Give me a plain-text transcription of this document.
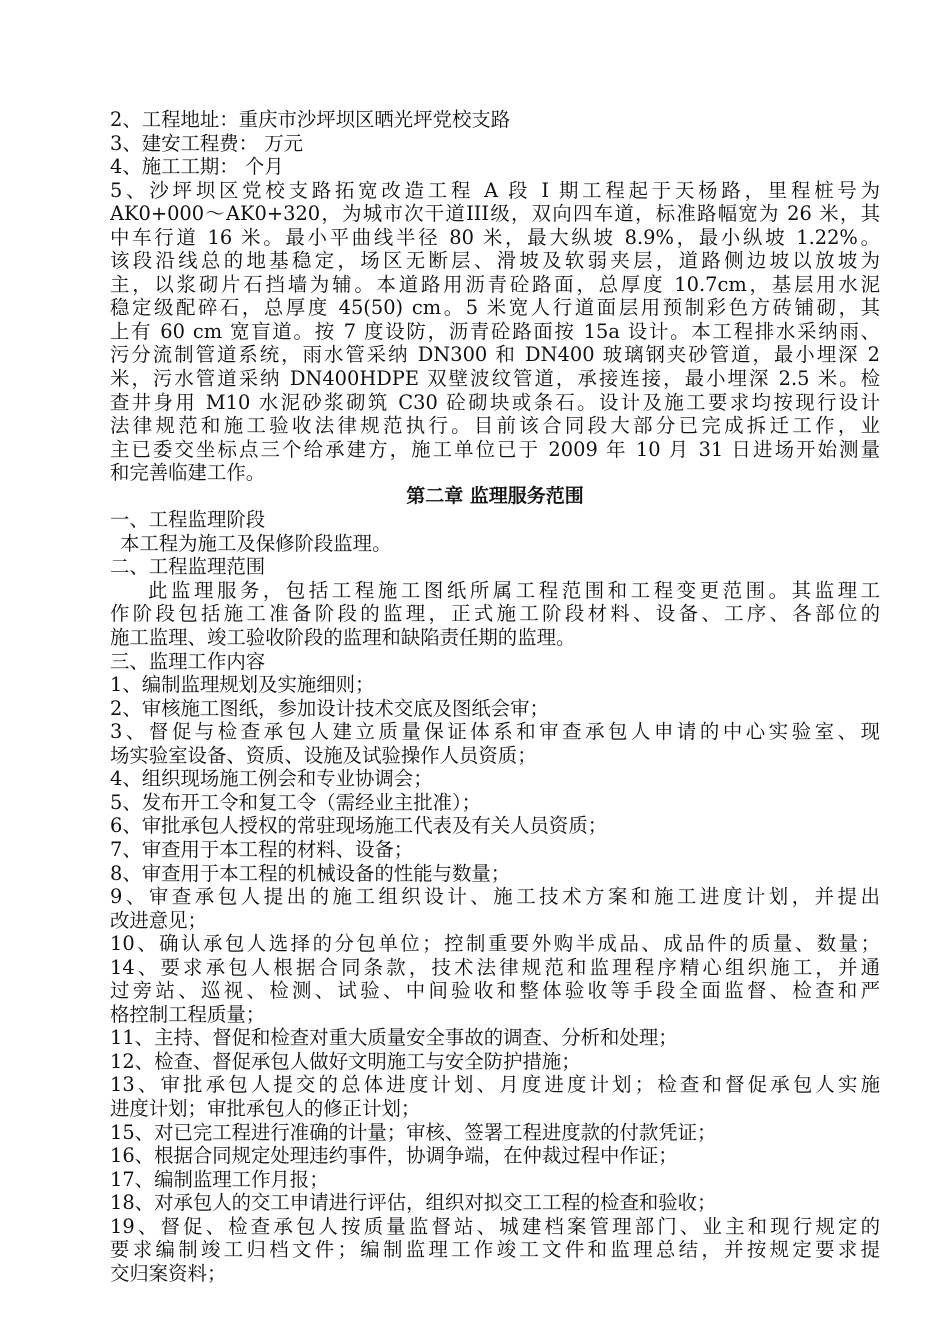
2、工程地址：重庆市沙坪坝区晒光坪党校支路
3、建安工程费： 万元
4、施工工期： 个月
5、沙坪坝区党校支路拓宽改造工程 A 段 I 期工程起于天杨路，里程桩号为
AK0+000～AK0+320，为城市次干道III级，双向四车道，标准路幅宽为 26 米，其
中车行道 16 米。最小平曲线半径 80 米，最大纵坡 8.9%，最小纵坡 1.22%。
该段沿线总的地基稳定，场区无断层、滑坡及软弱夹层，道路侧边坡以放坡为
主，以浆砌片石挡墙为辅。本道路用沥青砼路面，总厚度 10.7cm，基层用水泥
稳定级配碎石，总厚度 45(50) cm。5 米宽人行道面层用预制彩色方砖铺砌，其
上有 60 cm 宽盲道。按 7 度设防，沥青砼路面按 15a 设计。本工程排水采纳雨、
污分流制管道系统，雨水管采纳 DN300 和 DN400 玻璃钢夹砂管道，最小埋深 2
米，污水管道采纳 DN400HDPE 双壁波纹管道，承接连接，最小埋深 2.5 米。检
查井身用 M10 水泥砂浆砌筑 C30 砼砌块或条石。设计及施工要求均按现行设计
法律规范和施工验收法律规范执行。目前该合同段大部分已完成拆迁工作，业
主已委交坐标点三个给承建方，施工单位已于 2009 年 10 月 31 日进场开始测量
和完善临建工作。
第二章 监理服务范围
一、工程监理阶段
本工程为施工及保修阶段监理。
二、工程监理范围
此监理服务，包括工程施工图纸所属工程范围和工程变更范围。其监理工
作阶段包括施工准备阶段的监理，正式施工阶段材料、设备、工序、各部位的
施工监理、竣工验收阶段的监理和缺陷责任期的监理。
三、监理工作内容
1、编制监理规划及实施细则；
2、审核施工图纸，参加设计技术交底及图纸会审；
3、督促与检查承包人建立质量保证体系和审查承包人申请的中心实验室、现
场实验室设备、资质、设施及试验操作人员资质；
4、组织现场施工例会和专业协调会；
5、发布开工令和复工令（需经业主批准）；
6、审批承包人授权的常驻现场施工代表及有关人员资质；
7、审查用于本工程的材料、设备；
8、审查用于本工程的机械设备的性能与数量；
9、审查承包人提出的施工组织设计、施工技术方案和施工进度计划，并提出
改进意见；
10、确认承包人选择的分包单位；控制重要外购半成品、成品件的质量、数量；
14、要求承包人根据合同条款，技术法律规范和监理程序精心组织施工，并通
过旁站、巡视、检测、试验、中间验收和整体验收等手段全面监督、检查和严
格控制工程质量；
11、主持、督促和检查对重大质量安全事故的调查、分析和处理；
12、检查、督促承包人做好文明施工与安全防护措施；
13、审批承包人提交的总体进度计划、月度进度计划；检查和督促承包人实施
进度计划；审批承包人的修正计划；
15、对已完工程进行准确的计量；审核、签署工程进度款的付款凭证；
16、根据合同规定处理违约事件，协调争端，在仲裁过程中作证；
17、编制监理工作月报；
18、对承包人的交工申请进行评估，组织对拟交工工程的检查和验收；
19、督促、检查承包人按质量监督站、城建档案管理部门、业主和现行规定的
要求编制竣工归档文件；编制监理工作竣工文件和监理总结，并按规定要求提
交归案资料；
